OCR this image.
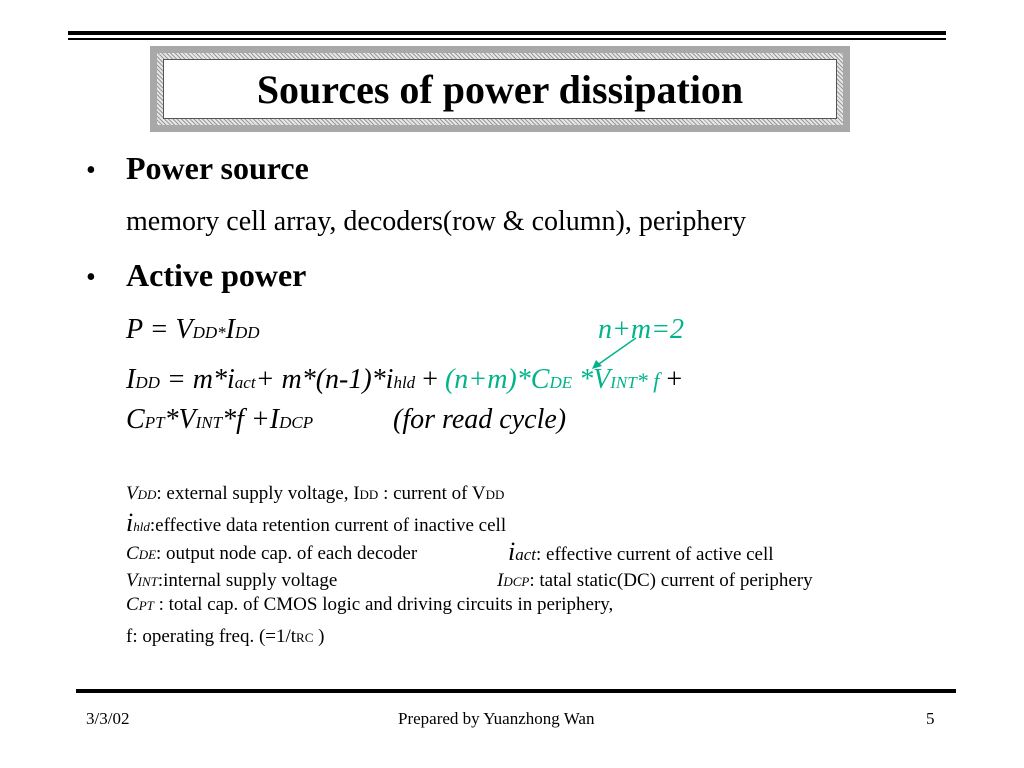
Sources of power dissipation
• Power source
memory cell array, decoders(row & column), periphery
• Active power
P = VDD*IDD	n+m=2
IDD = m*iact+ m*(n-1)*ihld + (n+m)*CDE *VINT* f +
CPT*VINT*f +IDCP	(for read cycle)
VDD: external supply voltage, IDD : current of VDD
ihld:effective data retention current of inactive cell
CDE: output node cap. of each decoder	iact: effective current of active cell
VINT:internal supply voltage	IDCP: tatal static(DC) current of periphery
CPT : total cap. of CMOS logic and driving circuits in periphery,
f: operating freq. (=1/tRC )
3/3/02	Prepared by Yuanzhong Wan	5
